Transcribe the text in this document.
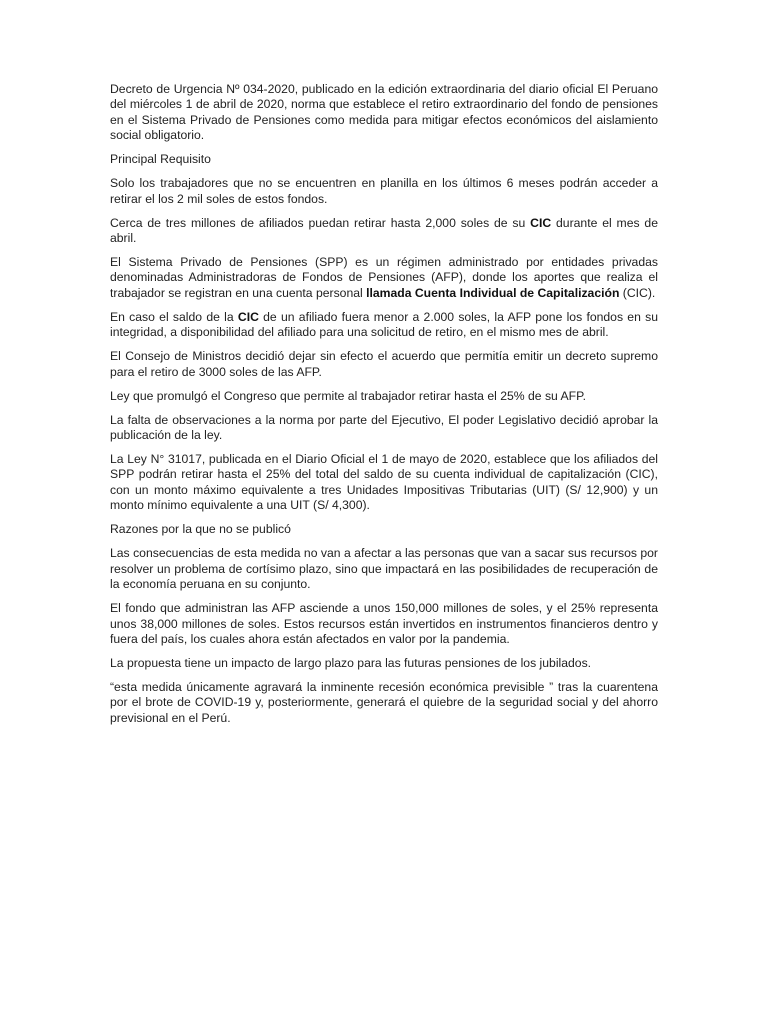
Decreto de Urgencia Nº 034-2020, publicado en la edición extraordinaria del diario oficial El Peruano del miércoles 1 de abril de 2020, norma que establece el retiro extraordinario del fondo de pensiones en el Sistema Privado de Pensiones como medida para mitigar efectos económicos del aislamiento social obligatorio.

Principal Requisito

Solo los trabajadores que no se encuentren en planilla en los últimos 6 meses podrán acceder a retirar el los 2 mil soles de estos fondos.

Cerca de tres millones de afiliados puedan retirar hasta 2,000 soles de su CIC durante el mes de abril.

El Sistema Privado de Pensiones (SPP) es un régimen administrado por entidades privadas denominadas Administradoras de Fondos de Pensiones (AFP), donde los aportes que realiza el trabajador se registran en una cuenta personal llamada Cuenta Individual de Capitalización (CIC).

En caso el saldo de la CIC de un afiliado fuera menor a 2.000 soles, la AFP pone los fondos en su integridad, a disponibilidad del afiliado para una solicitud de retiro, en el mismo mes de abril.

El Consejo de Ministros decidió dejar sin efecto el acuerdo que permitía emitir un decreto supremo para el retiro de 3000 soles de las AFP.

Ley que promulgó el Congreso que permite al trabajador retirar hasta el 25% de su AFP.

La falta de observaciones a la norma por parte del Ejecutivo, El poder Legislativo decidió aprobar la publicación de la ley.

La Ley N° 31017, publicada en el Diario Oficial el 1 de mayo de 2020, establece que los afiliados del SPP podrán retirar hasta el 25% del total del saldo de su cuenta individual de capitalización (CIC), con un monto máximo equivalente a tres Unidades Impositivas Tributarias (UIT) (S/ 12,900) y un monto mínimo equivalente a una UIT (S/ 4,300).

Razones por la que no se publicó

Las consecuencias de esta medida no van a afectar a las personas que van a sacar sus recursos por resolver un problema de cortísimo plazo, sino que impactará en las posibilidades de recuperación de la economía peruana en su conjunto.

El fondo que administran las AFP asciende a unos 150,000 millones de soles, y el 25% representa unos 38,000 millones de soles. Estos recursos están invertidos en instrumentos financieros dentro y fuera del país, los cuales ahora están afectados en valor por la pandemia.

La propuesta tiene un impacto de largo plazo para las futuras pensiones de los jubilados.

“esta medida únicamente agravará la inminente recesión económica previsible ” tras la cuarentena por el brote de COVID-19 y, posteriormente, generará el quiebre de la seguridad social y del ahorro previsional en el Perú.
